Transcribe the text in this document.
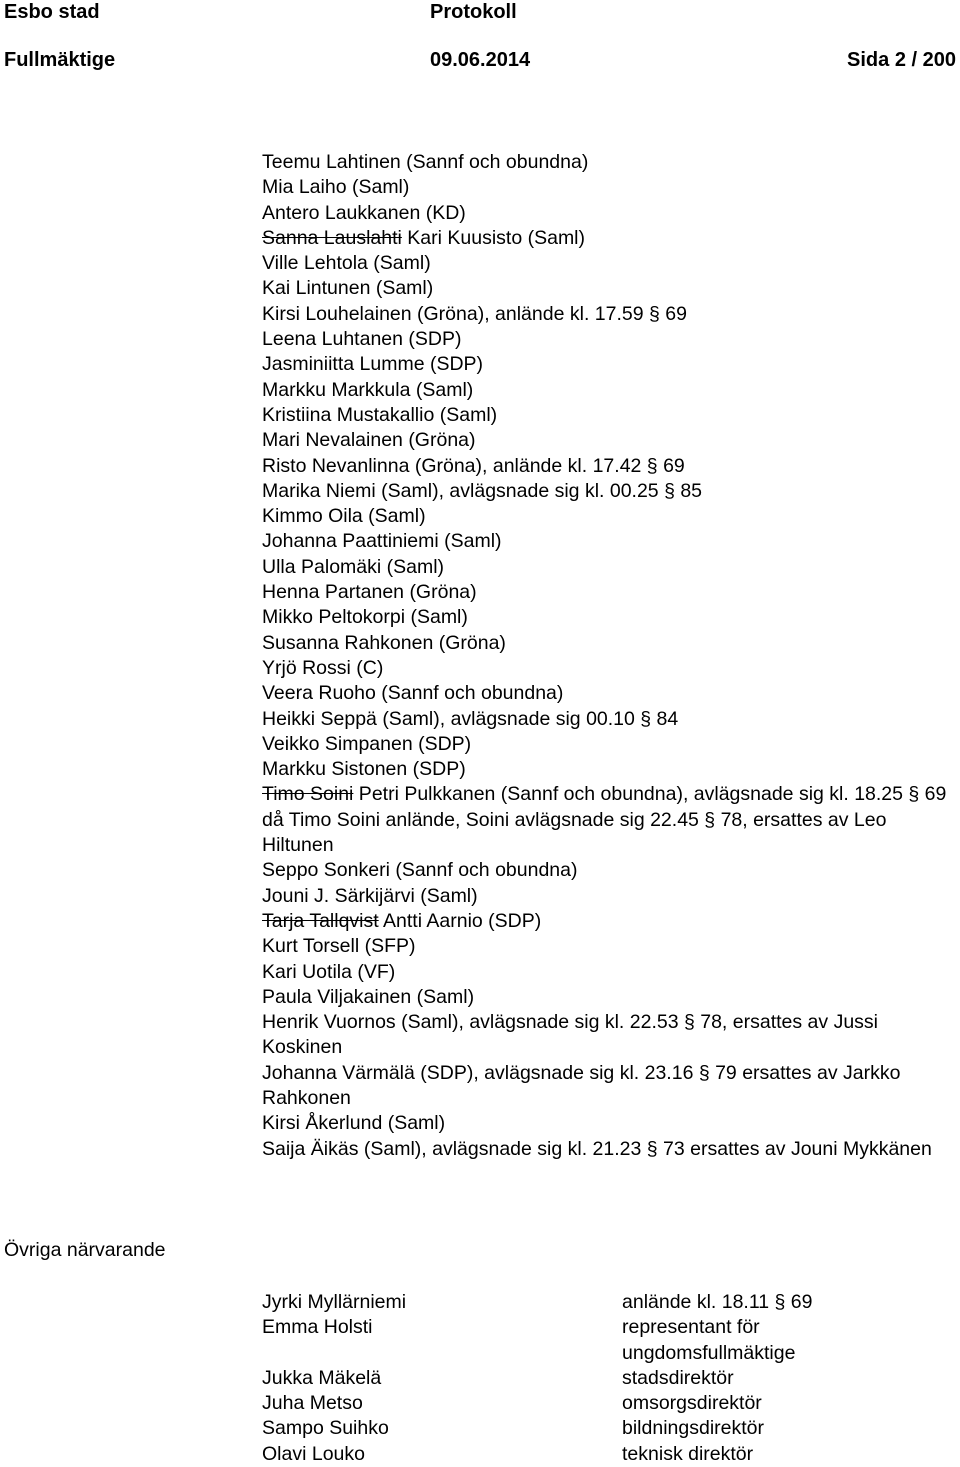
Esbo stad	Protokoll
Fullmäktige	09.06.2014	Sida 2 / 200
Teemu Lahtinen (Sannf och obundna)
Mia Laiho (Saml)
Antero Laukkanen (KD)
Sanna Lauslahti Kari Kuusisto (Saml)
Ville Lehtola (Saml)
Kai Lintunen (Saml)
Kirsi Louhelainen (Gröna), anlände kl. 17.59 § 69
Leena Luhtanen (SDP)
Jasminiitta Lumme (SDP)
Markku Markkula (Saml)
Kristiina Mustakallio (Saml)
Mari Nevalainen (Gröna)
Risto Nevanlinna (Gröna), anlände kl. 17.42 § 69
Marika Niemi (Saml), avlägsnade sig kl. 00.25 § 85
Kimmo Oila (Saml)
Johanna Paattiniemi (Saml)
Ulla Palomäki (Saml)
Henna Partanen (Gröna)
Mikko Peltokorpi (Saml)
Susanna Rahkonen (Gröna)
Yrjö Rossi (C)
Veera Ruoho (Sannf och obundna)
Heikki Seppä (Saml), avlägsnade sig 00.10 § 84
Veikko Simpanen (SDP)
Markku Sistonen (SDP)
Timo Soini Petri Pulkkanen (Sannf och obundna), avlägsnade sig kl. 18.25 § 69 då Timo Soini anlände, Soini avlägsnade sig 22.45 § 78, ersattes av Leo Hiltunen
Seppo Sonkeri (Sannf och obundna)
Jouni J. Särkijärvi (Saml)
Tarja Tallqvist Antti Aarnio (SDP)
Kurt Torsell (SFP)
Kari Uotila (VF)
Paula Viljakainen (Saml)
Henrik Vuornos (Saml), avlägsnade sig kl. 22.53 § 78, ersattes av Jussi Koskinen
Johanna Värmälä (SDP), avlägsnade sig kl. 23.16 § 79 ersattes av Jarkko Rahkonen
Kirsi Åkerlund (Saml)
Saija Äikäs (Saml), avlägsnade sig kl. 21.23 § 73 ersattes av Jouni Mykkänen
Övriga närvarande
Jyrki Myllärniemi	anlände kl. 18.11 § 69
Emma Holsti	representant för ungdomsfullmäktige
Jukka Mäkelä	stadsdirektör
Juha Metso	omsorgsdirektör
Sampo Suihko	bildningsdirektör
Olavi Louko	teknisk direktör
